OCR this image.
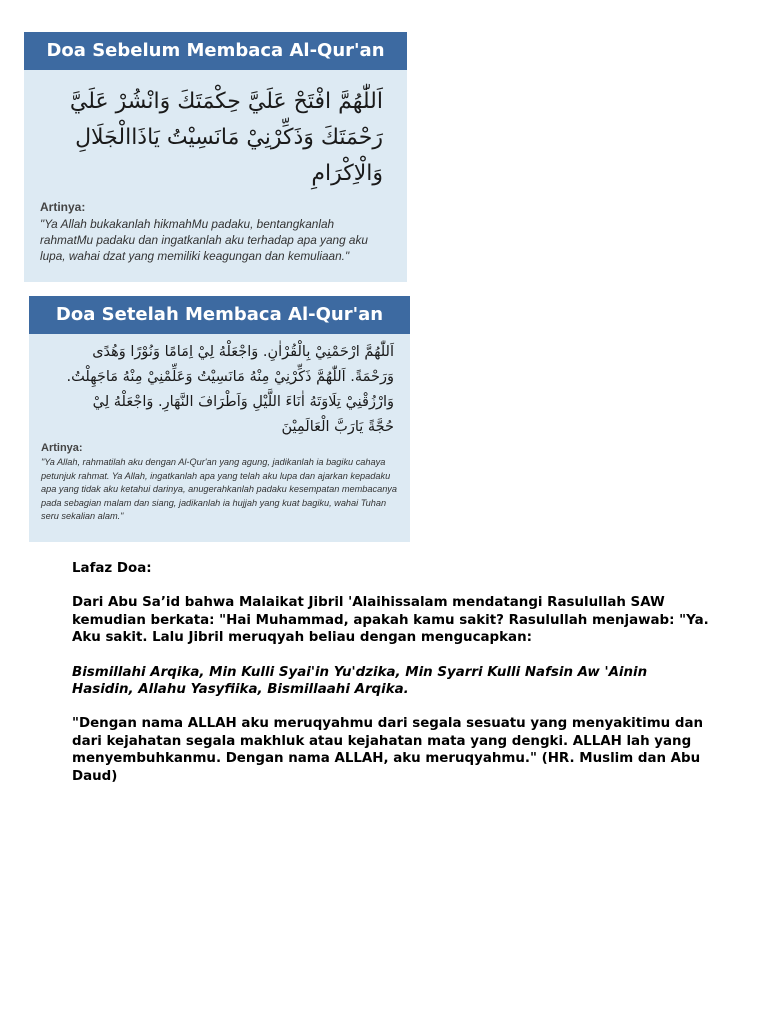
Doa Sebelum Membaca Al-Qur'an

اَللّٰهُمَّ افْتَحْ عَلَيَّ حِكْمَتَكَ وَانْشُرْ عَلَيَّ رَحْمَتَكَ وَذَكِّرْنِيْ مَانَسِيْتُ يَاذَاالْجَلَالِ وَالْاِكْرَامِ

Artinya:
"Ya Allah bukakanlah hikmahMu padaku, bentangkanlah rahmatMu padaku dan ingatkanlah aku terhadap apa yang aku lupa, wahai dzat yang memiliki keagungan dan kemuliaan."
Doa Setelah Membaca Al-Qur'an

اَللّٰهُمَّ ارْحَمْنِيْ بِالْقُرْاٰنِ. وَاجْعَلْهُ لِيْ اِمَامًا وَنُوْرًا وَهُدًى وَرَحْمَةً. اَللّٰهُمَّ ذَكِّرْنِيْ مِنْهُ مَانَسِيْتُ وَعَلِّمْنِيْ مِنْهُ مَاجَهِلْتُ. وَارْزُقْنِيْ تِلَاوَتَهُ اٰنَاءَ اللَّيْلِ وَاَطْرَافَ النَّهَارِ. وَاجْعَلْهُ لِيْ حُجَّةً يَارَبَّ الْعَالَمِيْنَ

Artinya:
"Ya Allah, rahmatilah aku dengan Al-Qur'an yang agung, jadikanlah ia bagiku cahaya petunjuk rahmat. Ya Allah, ingatkanlah apa yang telah aku lupa dan ajarkan kepadaku apa yang tidak aku ketahui darinya, anugerahkanlah padaku kesempatan membacanya pada sebagian malam dan siang, jadikanlah ia hujjah yang kuat bagiku, wahai Tuhan seru sekalian alam."

Lafaz Doa:

Dari Abu Sa’id bahwa Malaikat Jibril 'Alaihissalam mendatangi Rasulullah SAW kemudian berkata: "Hai Muhammad, apakah kamu sakit? Rasulullah menjawab: "Ya. Aku sakit. Lalu Jibril meruqyah beliau dengan mengucapkan:

Bismillahi Arqika, Min Kulli Syai'in Yu'dzika, Min Syarri Kulli Nafsin Aw 'Ainin Hasidin, Allahu Yasyfiika, Bismillaahi Arqika.

"Dengan nama ALLAH aku meruqyahmu dari segala sesuatu yang menyakitimu dan dari kejahatan segala makhluk atau kejahatan mata yang dengki. ALLAH lah yang menyembuhkanmu. Dengan nama ALLAH, aku meruqyahmu." (HR. Muslim dan Abu Daud)
